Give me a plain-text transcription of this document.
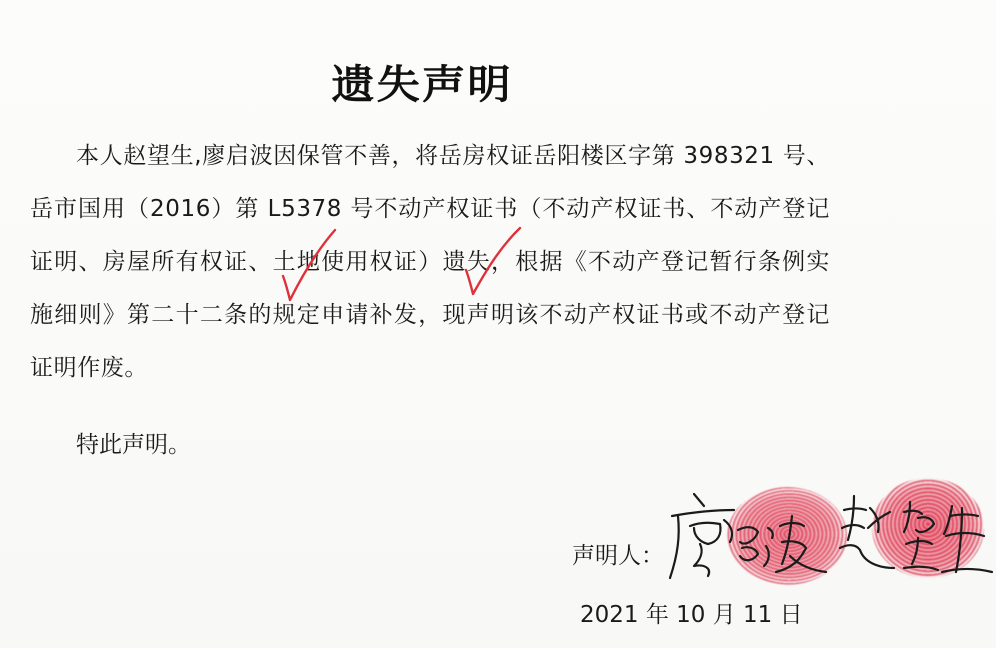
遗失声明

本人赵望生,廖启波因保管不善，将岳房权证岳阳楼区字第 398321 号、岳市国用（2016）第 L5378 号不动产权证书（不动产权证书、不动产登记证明、房屋所有权证、土地使用权证）遗失，根据《不动产登记暂行条例实施细则》第二十二条的规定申请补发，现声明该不动产权证书或不动产登记证明作废。

特此声明。

声明人：

2021 年 10 月 11 日
